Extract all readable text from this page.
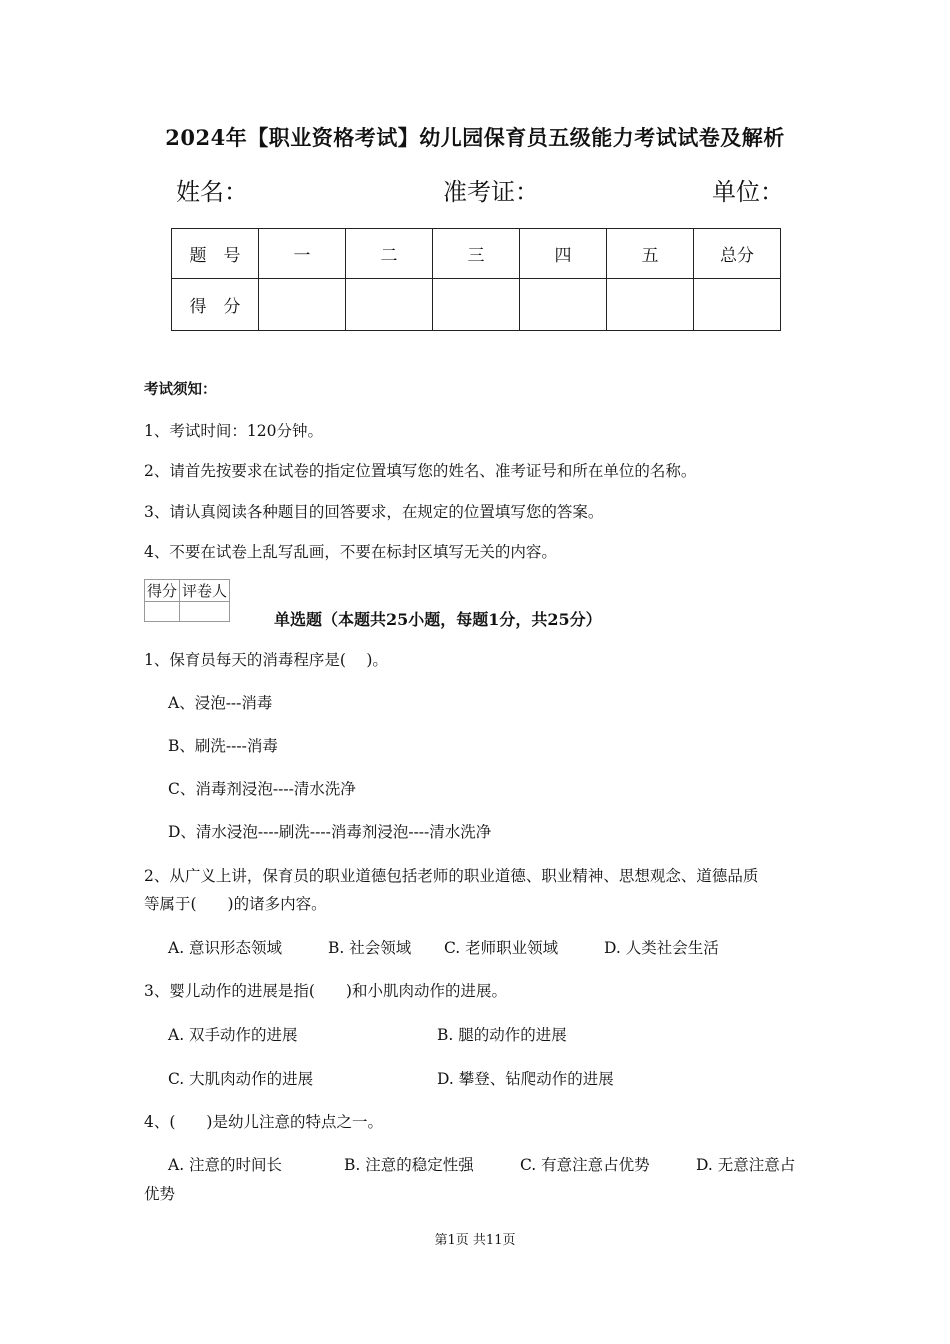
2024年【职业资格考试】幼儿园保育员五级能力考试试卷及解析
姓名：	准考证：	单位：
题　号	一	二	三	四	五	总分
得　分						
考试须知：
1、考试时间：120分钟。
2、请首先按要求在试卷的指定位置填写您的姓名、准考证号和所在单位的名称。
3、请认真阅读各种题目的回答要求，在规定的位置填写您的答案。
4、不要在试卷上乱写乱画，不要在标封区填写无关的内容。
得分	评卷人

单选题（本题共25小题，每题1分，共25分）
1、保育员每天的消毒程序是(　 )。
A、浸泡---消毒
B、刷洗----消毒
C、消毒剂浸泡----清水洗净
D、清水浸泡----刷洗----消毒剂浸泡----清水洗净
2、从广义上讲，保育员的职业道德包括老师的职业道德、职业精神、思想观念、道德品质
等属于(　　)的诸多内容。
A. 意识形态领域	B. 社会领域 C. 老师职业领域	D. 人类社会生活
3、婴儿动作的进展是指(　　)和小肌肉动作的进展。
A. 双手动作的进展	B. 腿的动作的进展
C. 大肌肉动作的进展	D. 攀登、钻爬动作的进展
4、(　　)是幼儿注意的特点之一。
A. 注意的时间长	B. 注意的稳定性强	C. 有意注意占优势	D. 无意注意占
优势
第1页 共11页
